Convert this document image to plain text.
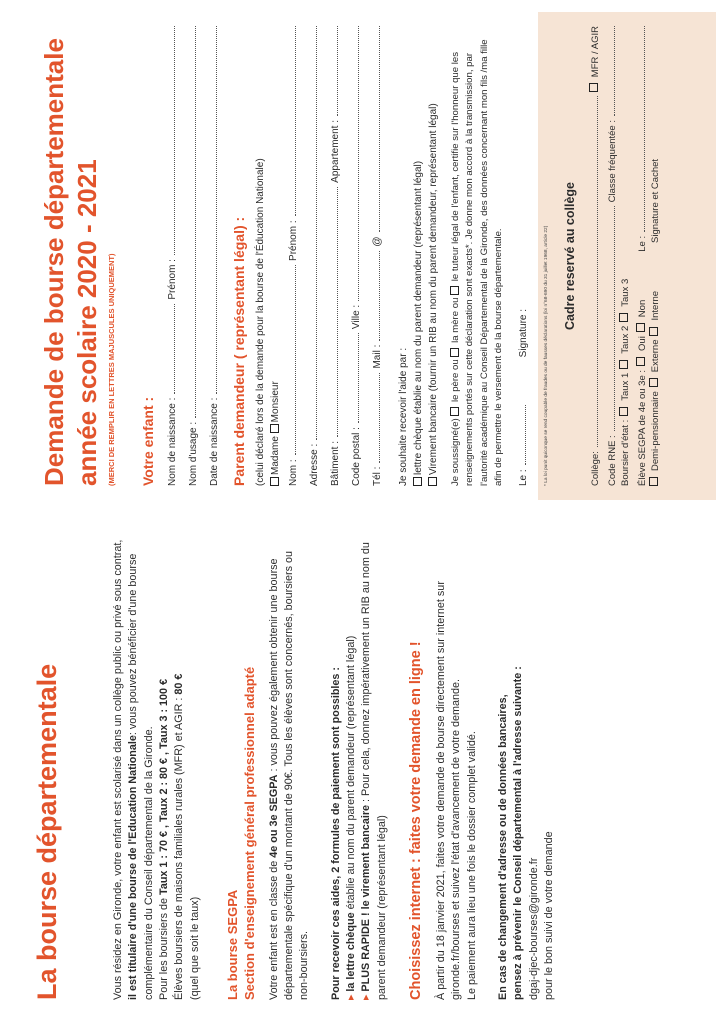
La bourse départementale	Vous résidez en Gironde, votre enfant est scolarisé dans un collège public ou privé sous contrat, il est titulaire d'une bourse de l'Education Nationale: vous pouvez bénéficier d'une bourse complémentaire du Conseil départemental de la Gironde. Pour les boursiers de Taux 1 : 70 € , Taux 2 : 80 € , Taux 3 : 100 € Élèves boursiers de maisons familiales rurales (MFR) et AGIR : 80 €
(quel que soit le taux) La bourse SEGPA Section d'enseignement général professionnel adapté Votre enfant est en classe de 4e ou 3e SEGPA : vous pouvez également obtenir une bourse départementale spécifique d'un montant de 90€. Tous les élèves sont concernés, boursiers ou non-boursiers. Pour recevoir ces aides, 2 formules de paiement sont possibles : ▸ la lettre chèque établie au nom du parent demandeur (représentant légal)
▸ PLUS RAPIDE ! le virement bancaire : Pour cela, donnez impérativement un RIB au nom du parent demandeur (représentant légal) Choisissez internet : faites votre demande en ligne ! À partir du 18 janvier 2021, faites votre demande de bourse directement sur internet sur gironde.fr/bourses et suivez l'état d'avancement de votre demande. Le paiement aura lieu une fois le dossier complet validé. En cas de changement d'adresse ou de données bancaires, pensez à prévenir le Conseil départemental à l'adresse suivante : dgaj-djec-bourses@gironde.fr pour le bon suivi de votre demande

Demande de bourse départementale
année scolaire 2020 - 2021 (MERCI DE REMPLIR EN LETTRES MAJUSCULES UNIQUEMENT) Votre enfant :	Nom de naissance :
Prénom :
Nom d'usage :	Date de naissance : Parent demandeur ( représentant légal) : (celui déclaré lors de la demande pour la bourse de l'Éducation Nationale) Madame Monsieur
Nom :
Prénom :
Adresse :	Bâtiment :
Appartement :
Code postal :
Ville :
Tél :
Mail :
@
Je souhaite recevoir l'aide par : lettre chèque établie au nom du parent demandeur (représentant légal) Virement bancaire (fournir un RIB au nom du parent demandeur, représentant légal) Je soussigné(e)  le père ou  la mère ou  le tuteur légal de l'enfant, certifie sur l'honneur que les renseignements portés sur cette déclaration sont exacts*. Je donne mon accord à la transmission, par l'autorité académique au Conseil Départemental de la Gironde, des données concernant mon fils /ma fille afin de permettre le versement de la bourse départementale.	Le :
Signature :	* La loi punit quiconque se rend coupable de fraudes ou de fausses déclarations (loi n°68-690 du 31 juillet 1968, article 22) Cadre reservé au collège
Collège:
MFR / AGIR
Code RNE :
Classe fréquentée :
Boursier d'état :
Taux 1
Taux 2
Taux 3
Élève SEGPA de 4e ou 3e :
Oui
Non
Le :
Demi-pensionnaire
Externe
Interne
Signature et Cachet
